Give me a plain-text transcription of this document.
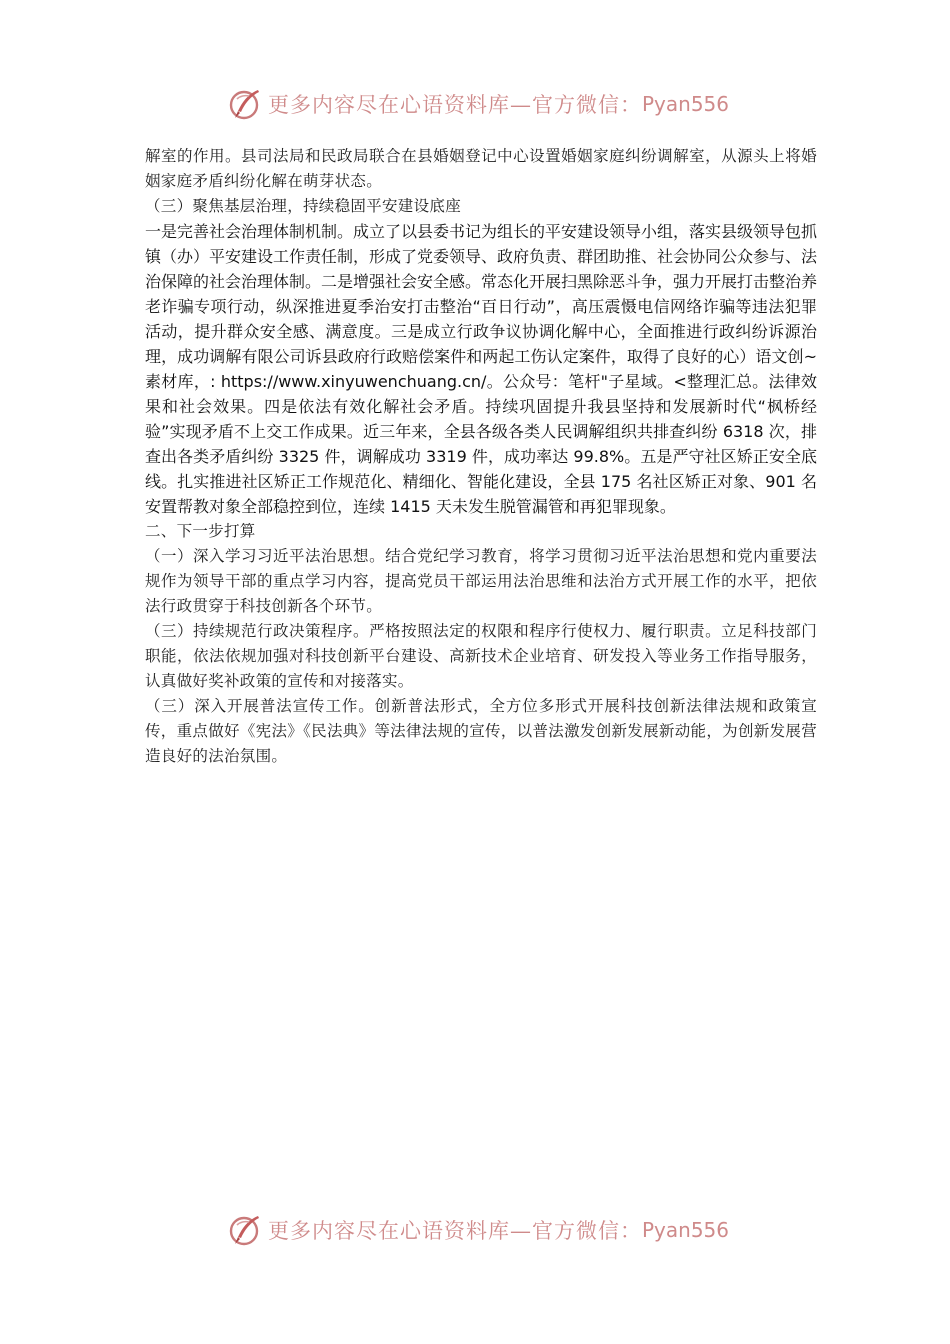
更多内容尽在心语资料库—官方微信： Pyan556

解室的作用。县司法局和民政局联合在县婚姻登记中心设置婚姻家庭纠纷调解室，从源头上将婚姻家庭矛盾纠纷化解在萌芽状态。

（三）聚焦基层治理，持续稳固平安建设底座

一是完善社会治理体制机制。成立了以县委书记为组长的平安建设领导小组，落实县级领导包抓镇（办）平安建设工作责任制，形成了党委领导、政府负责、群团助推、社会协同公众参与、法治保障的社会治理体制。二是增强社会安全感。常态化开展扫黑除恶斗争，强力开展打击整治养老诈骗专项行动，纵深推进夏季治安打击整治“百日行动”，高压震慑电信网络诈骗等违法犯罪活动，提升群众安全感、满意度。三是成立行政争议协调化解中心，全面推进行政纠纷诉源治理，成功调解有限公司诉县政府行政赔偿案件和两起工伤认定案件，取得了良好的心）语文创~素材库，: https://www.xinyuwenchuang.cn/。公众号：笔杆"子星域。<整理汇总。法律效果和社会效果。四是依法有效化解社会矛盾。持续巩固提升我县坚持和发展新时代“枫桥经验”实现矛盾不上交工作成果。近三年来，全县各级各类人民调解组织共排查纠纷 6318 次，排查出各类矛盾纠纷 3325 件，调解成功 3319 件，成功率达 99.8%。五是严守社区矫正安全底线。扎实推进社区矫正工作规范化、精细化、智能化建设，全县 175 名社区矫正对象、901 名安置帮教对象全部稳控到位，连续 1415 天未发生脱管漏管和再犯罪现象。

二、下一步打算

（一）深入学习习近平法治思想。结合党纪学习教育，将学习贯彻习近平法治思想和党内重要法规作为领导干部的重点学习内容，提高党员干部运用法治思维和法治方式开展工作的水平，把依法行政贯穿于科技创新各个环节。

（三）持续规范行政决策程序。严格按照法定的权限和程序行使权力、履行职责。立足科技部门职能，依法依规加强对科技创新平台建设、高新技术企业培育、研发投入等业务工作指导服务，认真做好奖补政策的宣传和对接落实。

（三）深入开展普法宣传工作。创新普法形式，全方位多形式开展科技创新法律法规和政策宣传，重点做好《宪法》《民法典》等法律法规的宣传，以普法激发创新发展新动能，为创新发展营造良好的法治氛围。

更多内容尽在心语资料库—官方微信： Pyan556
